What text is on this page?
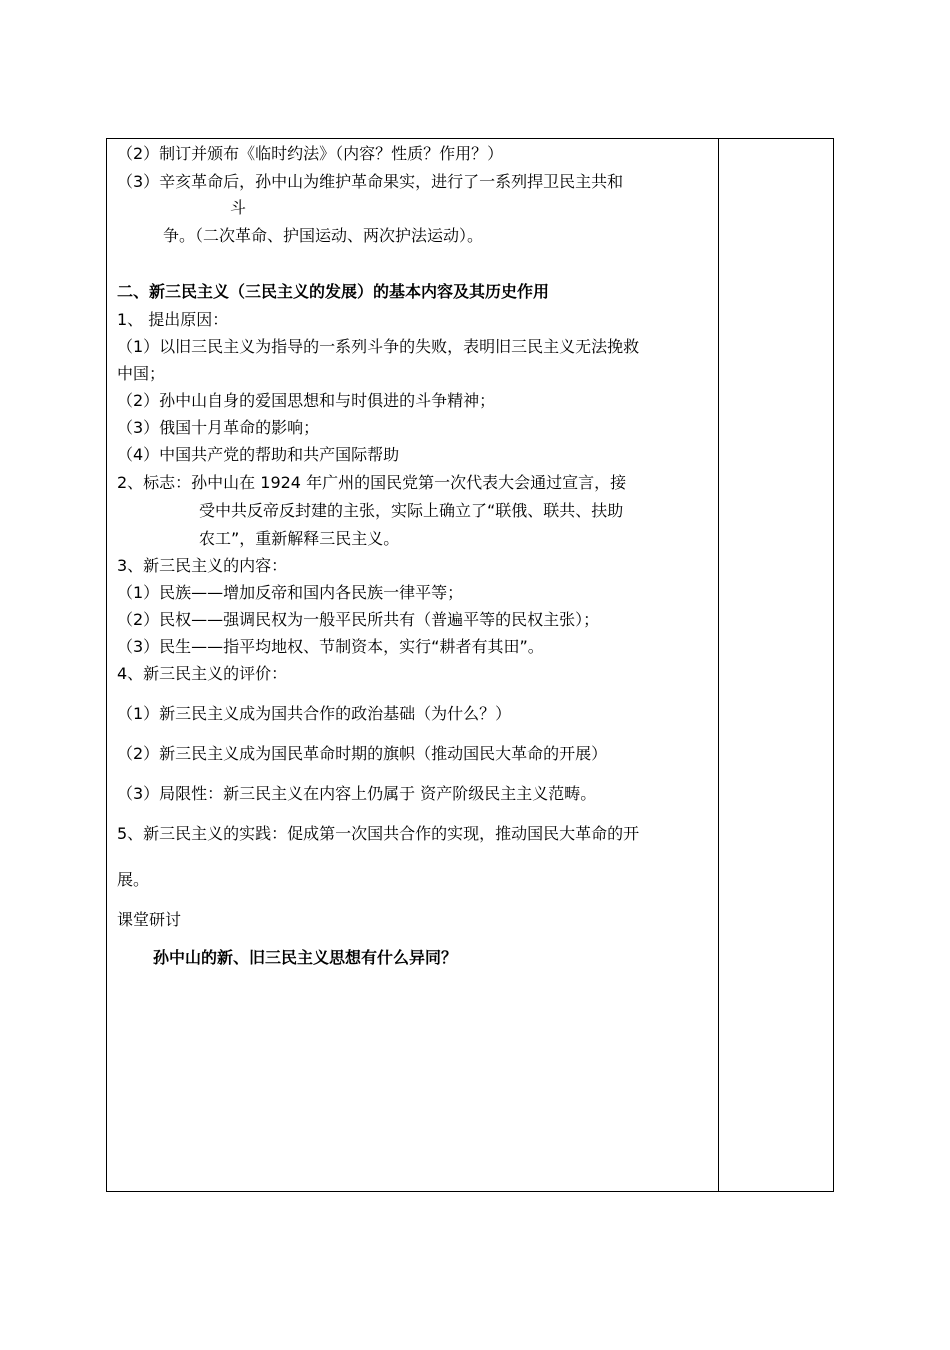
（2）制订并颁布《临时约法》（内容？性质？作用？）
（3）辛亥革命后，孙中山为维护革命果实，进行了一系列捍卫民主共和
斗
争。（二次革命、护国运动、两次护法运动）。
二、新三民主义（三民主义的发展）的基本内容及其历史作用
1、 提出原因：
（1）以旧三民主义为指导的一系列斗争的失败，表明旧三民主义无法挽救
中国；
（2）孙中山自身的爱国思想和与时俱进的斗争精神；
（3）俄国十月革命的影响；
（4）中国共产党的帮助和共产国际帮助
2、标志：孙中山在 1924 年广州的国民党第一次代表大会通过宣言，接
受中共反帝反封建的主张，实际上确立了“联俄、联共、扶助
农工”，重新解释三民主义。
3、新三民主义的内容：
（1）民族——增加反帝和国内各民族一律平等；
（2）民权——强调民权为一般平民所共有（普遍平等的民权主张）；
（3）民生——指平均地权、节制资本，实行“耕者有其田”。
4、新三民主义的评价：
（1）新三民主义成为国共合作的政治基础（为什么？）
（2）新三民主义成为国民革命时期的旗帜（推动国民大革命的开展）
（3）局限性：新三民主义在内容上仍属于 资产阶级民主主义范畴。
5、新三民主义的实践：促成第一次国共合作的实现，推动国民大革命的开
展。
课堂研讨
孙中山的新、旧三民主义思想有什么异同？
